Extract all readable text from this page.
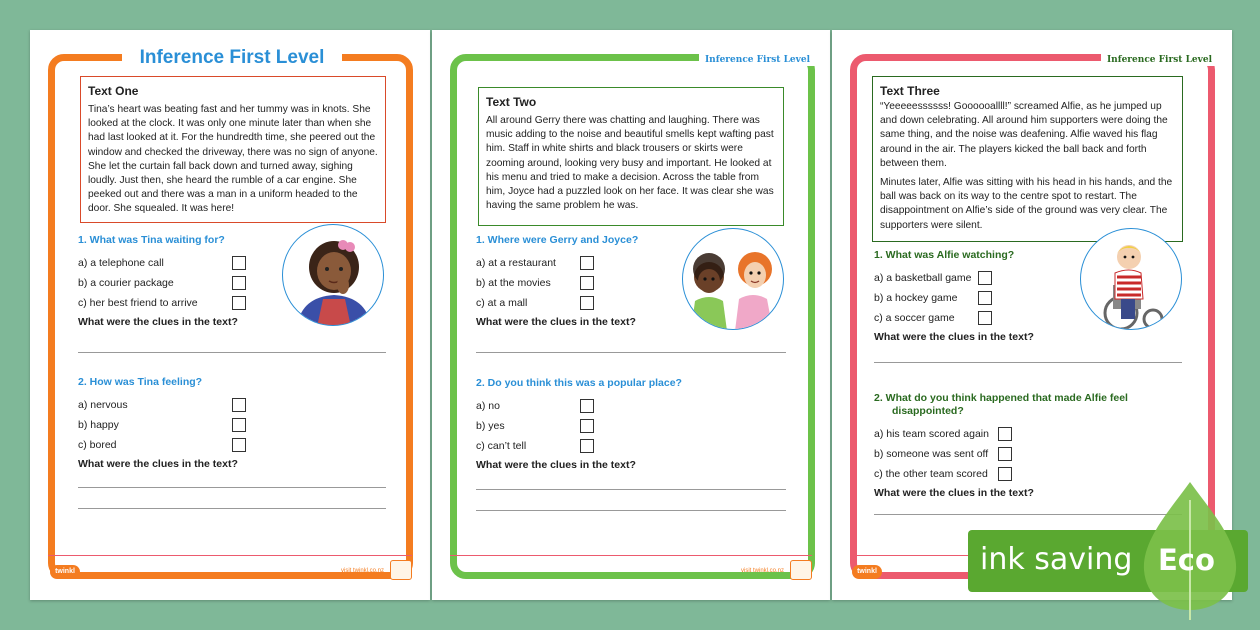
Inference First Level
Text One
Tina’s heart was beating fast and her tummy was in knots. She looked at the clock. It was only one minute later than when she had last looked at it. For the hundredth time, she peered out the window and checked the driveway, there was no sign of anyone. She let the curtain fall back down and turned away, sighing loudly. Just then, she heard the rumble of a car engine. She peeked out and there was a man in a uniform headed to the door. She squealed. It was here!
1. What was Tina waiting for?
a) a telephone call
b) a courier package
c) her best friend to arrive
What were the clues in the text?
2. How was Tina feeling?
a) nervous
b) happy
c) bored
What were the clues in the text?
twinkl	visit twinkl.co.nz
Inference First Level
Text Two
All around Gerry there was chatting and laughing. There was music adding to the noise and beautiful smells kept wafting past him. Staff in white shirts and black trousers or skirts were zooming around, looking very busy and important. He looked at his menu and tried to make a decision. Across the table from him, Joyce had a puzzled look on her face. It was clear she was having the same problem he was.
1. Where were Gerry and Joyce?
a) at a restaurant
b) at the movies
c) at a mall
What were the clues in the text?
2. Do you think this was a popular place?
a) no
b) yes
c) can’t tell
What were the clues in the text?
visit twinkl.co.nz
Inference First Level
Text Three
“Yeeeeessssss! Goooooallll!” screamed Alfie, as he jumped up and down celebrating. All around him supporters were doing the same thing, and the noise was deafening. Alfie waved his flag around in the air. The players kicked the ball back and forth between them.
Minutes later, Alfie was sitting with his head in his hands, and the ball was back on its way to the centre spot to restart. The disappointment on Alfie’s side of the ground was very clear. The supporters were silent.
1. What was Alfie watching?
a) a basketball game
b) a hockey game
c) a soccer game
What were the clues in the text?
2. What do you think happened that made Alfie feel disappointed?
a) his team scored again
b) someone was sent off
c) the other team scored
What were the clues in the text?
twinkl	ink saving Eco
